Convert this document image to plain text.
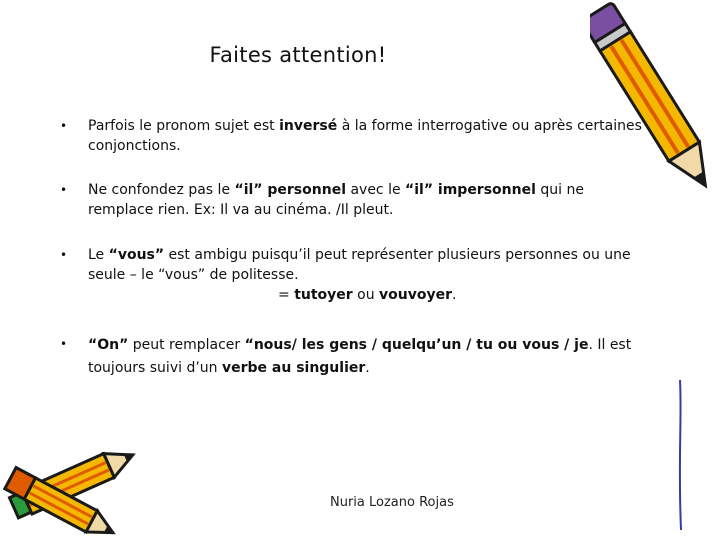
Faites attention!
• Parfois le pronom sujet est inversé à la forme interrogative ou après certaines conjonctions.
• Ne confondez pas le “il” personnel avec le “il” impersonnel qui ne remplace rien. Ex: Il va au cinéma. /Il pleut.
• Le “vous” est ambigu puisqu’il peut représenter plusieurs personnes ou une seule – le “vous” de politesse.
= tutoyer ou vouvoyer.
• “On” peut remplacer “nous/ les gens / quelqu’un / tu ou vous / je. Il est toujours suivi d’un verbe au singulier.
Nuria Lozano Rojas
